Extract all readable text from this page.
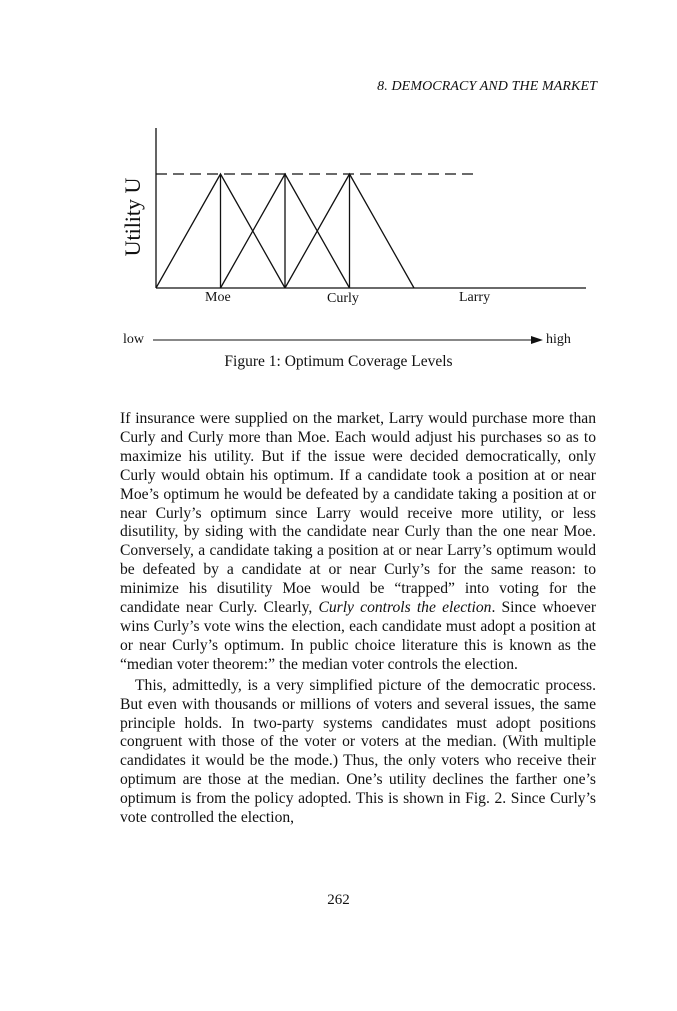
8. DEMOCRACY AND THE MARKET
Utility U
Moe	Curly	Larry
low	high
Figure 1: Optimum Coverage Levels

If insurance were supplied on the market, Larry would purchase more than Curly and Curly more than Moe. Each would adjust his purchases so as to maximize his utility. But if the issue were decided democratically, only Curly would obtain his optimum. If a candidate took a position at or near Moe’s optimum he would be defeated by a candidate taking a position at or near Curly’s optimum since Larry would receive more utility, or less disutility, by siding with the candidate near Curly than the one near Moe. Conversely, a candidate taking a position at or near Larry’s optimum would be defeated by a candidate at or near Curly’s for the same reason: to minimize his disutility Moe would be “trapped” into voting for the candidate near Curly. Clearly, Curly controls the election. Since whoever wins Curly’s vote wins the election, each candidate must adopt a position at or near Curly’s optimum. In public choice literature this is known as the “median voter theorem:” the median voter controls the election.

This, admittedly, is a very simplified picture of the democratic process. But even with thousands or millions of voters and several issues, the same principle holds. In two-party systems candidates must adopt positions congruent with those of the voter or voters at the median. (With multiple candidates it would be the mode.) Thus, the only voters who receive their optimum are those at the median. One’s utility declines the farther one’s optimum is from the policy adopted. This is shown in Fig. 2. Since Curly’s vote controlled the election,

262
